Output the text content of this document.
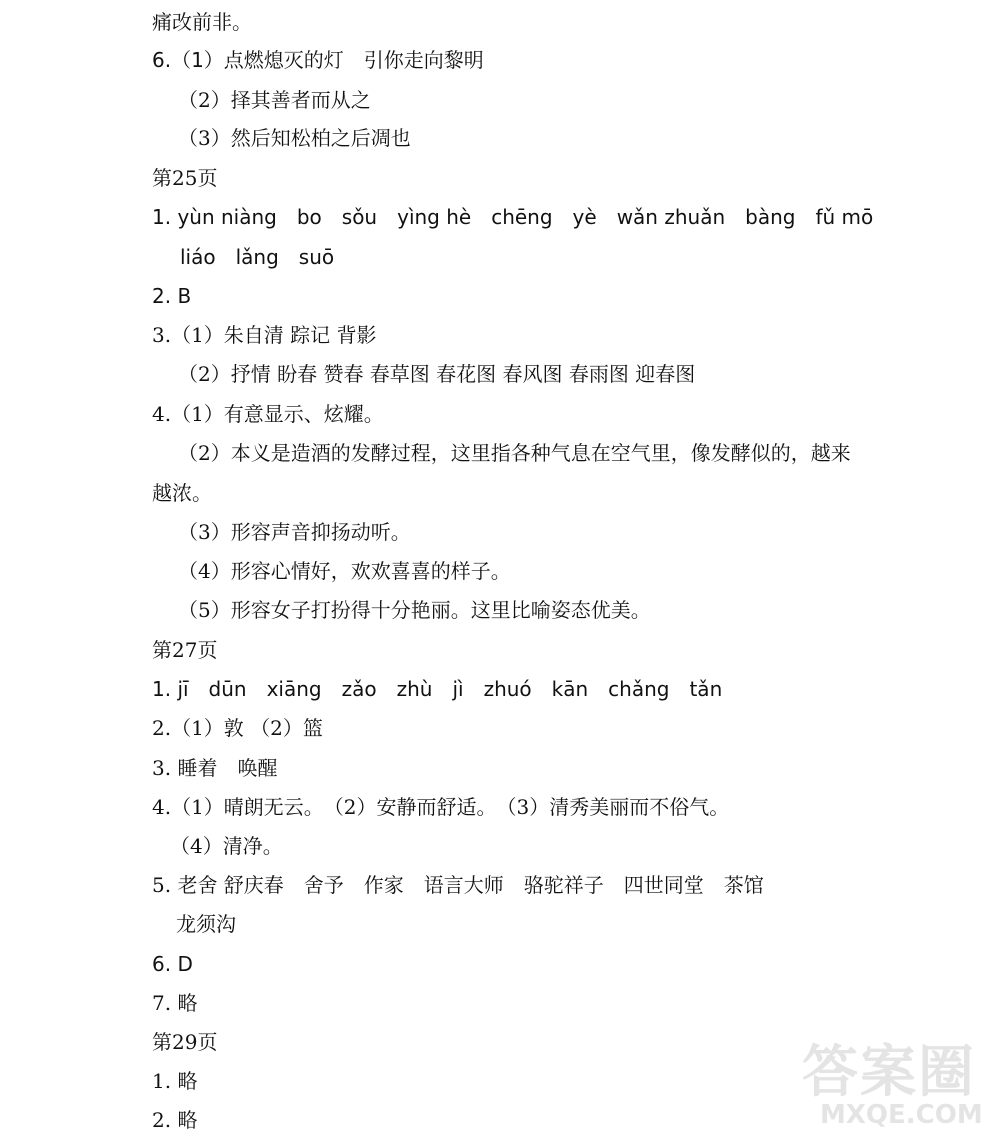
痛改前非。
6.（1）点燃熄灭的灯　引你走向黎明
（2）择其善者而从之
（3）然后知松柏之后凋也
第25页
1. yùn niàng　bo　sǒu　yìng hè　chēng　yè　wǎn zhuǎn　bàng　fǔ mō
liáo　lǎng　suō
2. B
3.（1）朱自清 踪记 背影
（2）抒情 盼春 赞春 春草图 春花图 春风图 春雨图 迎春图
4.（1）有意显示、炫耀。
（2）本义是造酒的发酵过程，这里指各种气息在空气里，像发酵似的，越来
越浓。
（3）形容声音抑扬动听。
（4）形容心情好，欢欢喜喜的样子。
（5）形容女子打扮得十分艳丽。这里比喻姿态优美。
第27页
1. jī　dūn　xiāng　zǎo　zhù　jì　zhuó　kān　chǎng　tǎn
2.（1）敦 （2）篮
3. 睡着　唤醒
4.（1）晴朗无云。　（2）安静而舒适。　（3）清秀美丽而不俗气。
（4）清净。
5. 老舍 舒庆春　舍予　作家　语言大师　骆驼祥子　四世同堂　茶馆
龙须沟
6. D
7. 略
第29页
1. 略
2. 略
答案圈
MXQE.COM
